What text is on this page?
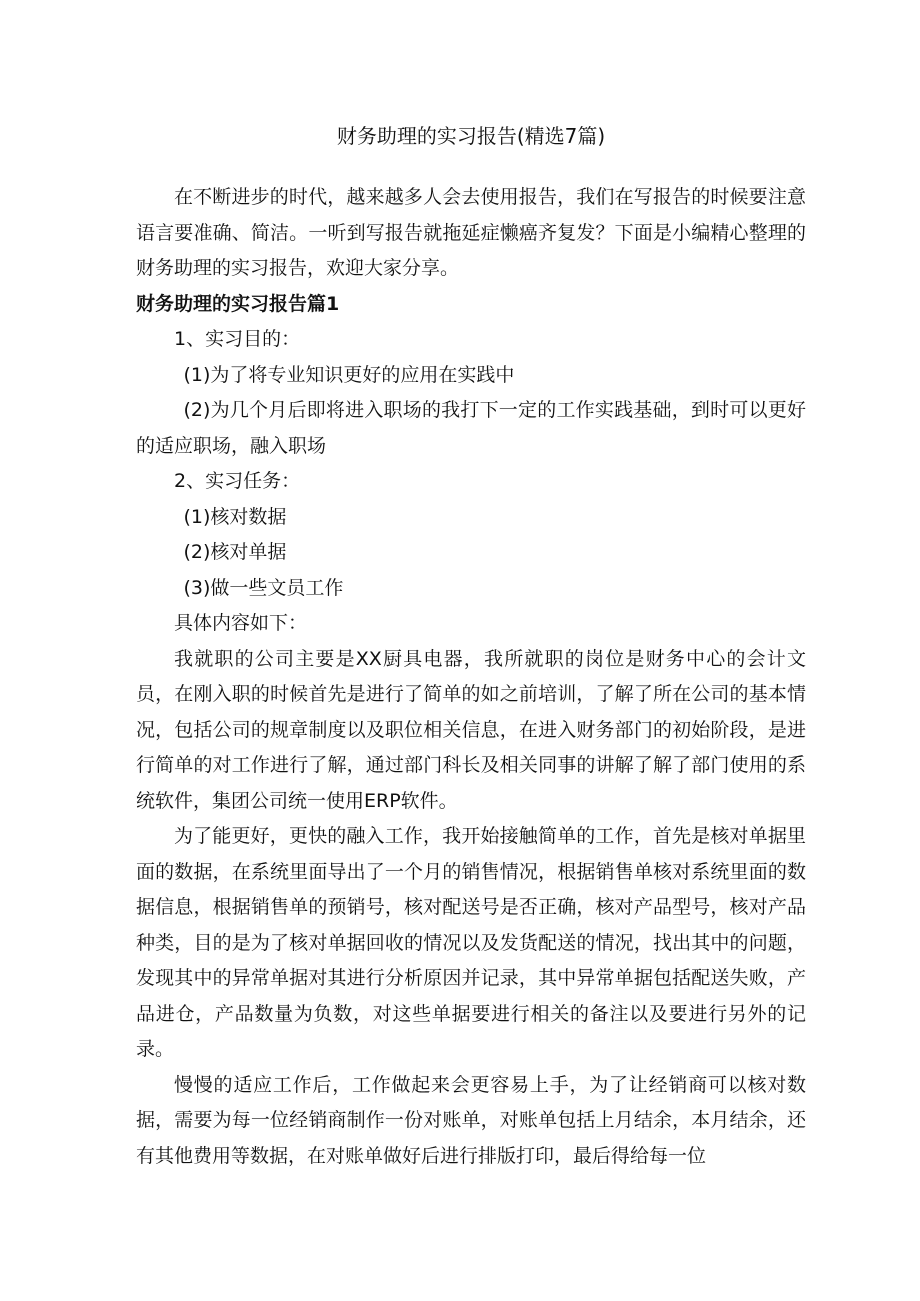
财务助理的实习报告(精选7篇)

在不断进步的时代，越来越多人会去使用报告，我们在写报告的时候要注意语言要准确、简洁。一听到写报告就拖延症懒癌齐复发？下面是小编精心整理的财务助理的实习报告，欢迎大家分享。

财务助理的实习报告篇1

1、实习目的：

(1)为了将专业知识更好的应用在实践中

(2)为几个月后即将进入职场的我打下一定的工作实践基础，到时可以更好的适应职场，融入职场

2、实习任务：

(1)核对数据

(2)核对单据

(3)做一些文员工作

具体内容如下：

我就职的公司主要是XX厨具电器，我所就职的岗位是财务中心的会计文员，在刚入职的时候首先是进行了简单的如之前培训，了解了所在公司的基本情况，包括公司的规章制度以及职位相关信息，在进入财务部门的初始阶段，是进行简单的对工作进行了解，通过部门科长及相关同事的讲解了解了部门使用的系统软件，集团公司统一使用ERP软件。

为了能更好，更快的融入工作，我开始接触简单的工作，首先是核对单据里面的数据，在系统里面导出了一个月的销售情况，根据销售单核对系统里面的数据信息，根据销售单的预销号，核对配送号是否正确，核对产品型号，核对产品种类，目的是为了核对单据回收的情况以及发货配送的情况，找出其中的问题，发现其中的异常单据对其进行分析原因并记录，其中异常单据包括配送失败，产品进仓，产品数量为负数，对这些单据要进行相关的备注以及要进行另外的记录。

慢慢的适应工作后，工作做起来会更容易上手，为了让经销商可以核对数据，需要为每一位经销商制作一份对账单，对账单包括上月结余，本月结余，还有其他费用等数据，在对账单做好后进行排版打印，最后得给每一位
